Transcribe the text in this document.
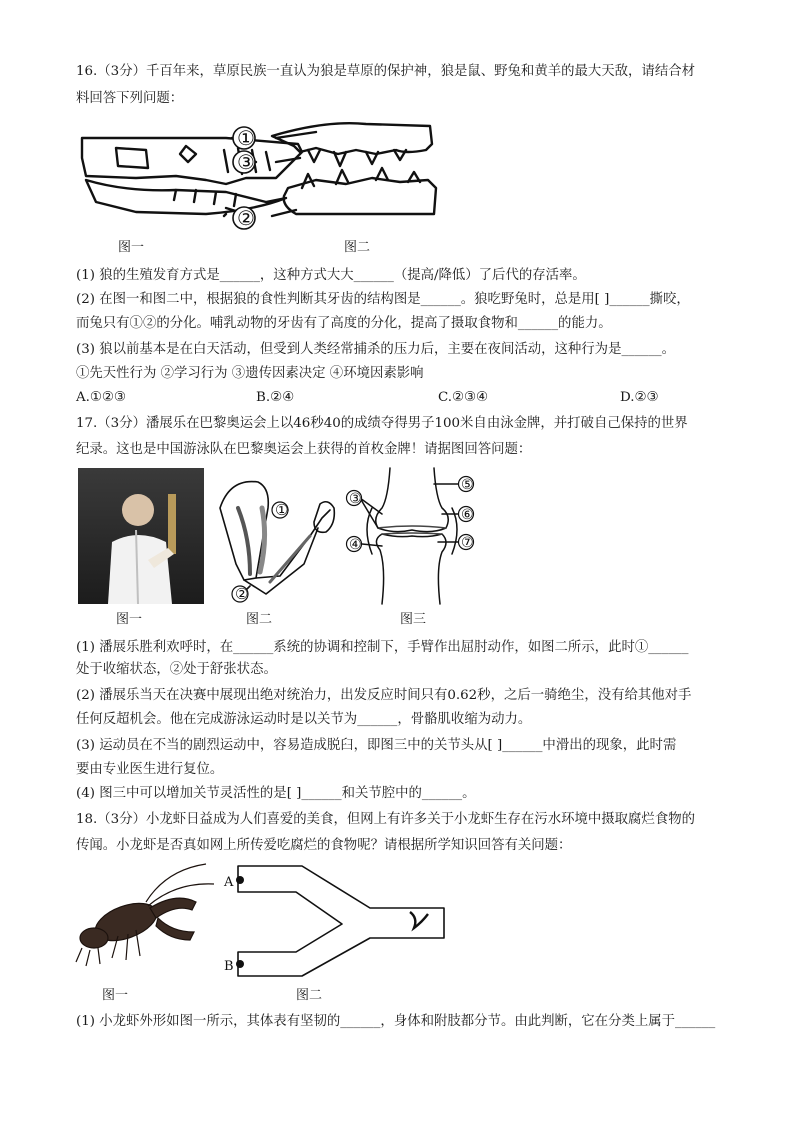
16.（3分）千百年来，草原民族一直认为狼是草原的保护神，狼是鼠、野兔和黄羊的最大天敌，请结合材
料回答下列问题：
①
②
③
图一	图二
(1) 狼的生殖发育方式是______，这种方式大大______（提高/降低）了后代的存活率。
(2) 在图一和图二中，根据狼的食性判断其牙齿的结构图是______。狼吃野兔时，总是用[ ]______撕咬，
而兔只有①②的分化。哺乳动物的牙齿有了高度的分化，提高了摄取食物和______的能力。
(3) 狼以前基本是在白天活动，但受到人类经常捕杀的压力后，主要在夜间活动，这种行为是______。
①先天性行为 ②学习行为 ③遗传因素决定 ④环境因素影响
A.①②③	B.②④	C.②③④	D.②③
17.（3分）潘展乐在巴黎奥运会上以46秒40的成绩夺得男子100米自由泳金牌，并打破自己保持的世界
纪录。这也是中国游泳队在巴黎奥运会上获得的首枚金牌！请据图回答问题：
①
②
③
④
⑤
⑥
⑦
图一	图二	图三
(1) 潘展乐胜利欢呼时，在______系统的协调和控制下，手臂作出屈肘动作，如图二所示，此时①______
处于收缩状态，②处于舒张状态。
(2) 潘展乐当天在决赛中展现出绝对统治力，出发反应时间只有0.62秒，之后一骑绝尘，没有给其他对手
任何反超机会。他在完成游泳运动时是以关节为______，骨骼肌收缩为动力。
(3) 运动员在不当的剧烈运动中，容易造成脱臼，即图三中的关节头从[ ]______中滑出的现象，此时需
要由专业医生进行复位。
(4) 图三中可以增加关节灵活性的是[ ]______和关节腔中的______。
18.（3分）小龙虾日益成为人们喜爱的美食，但网上有许多关于小龙虾生存在污水环境中摄取腐烂食物的
传闻。小龙虾是否真如网上所传爱吃腐烂的食物呢？请根据所学知识回答有关问题：
A
B
图一	图二
(1) 小龙虾外形如图一所示，其体表有坚韧的______，身体和附肢都分节。由此判断，它在分类上属于______
